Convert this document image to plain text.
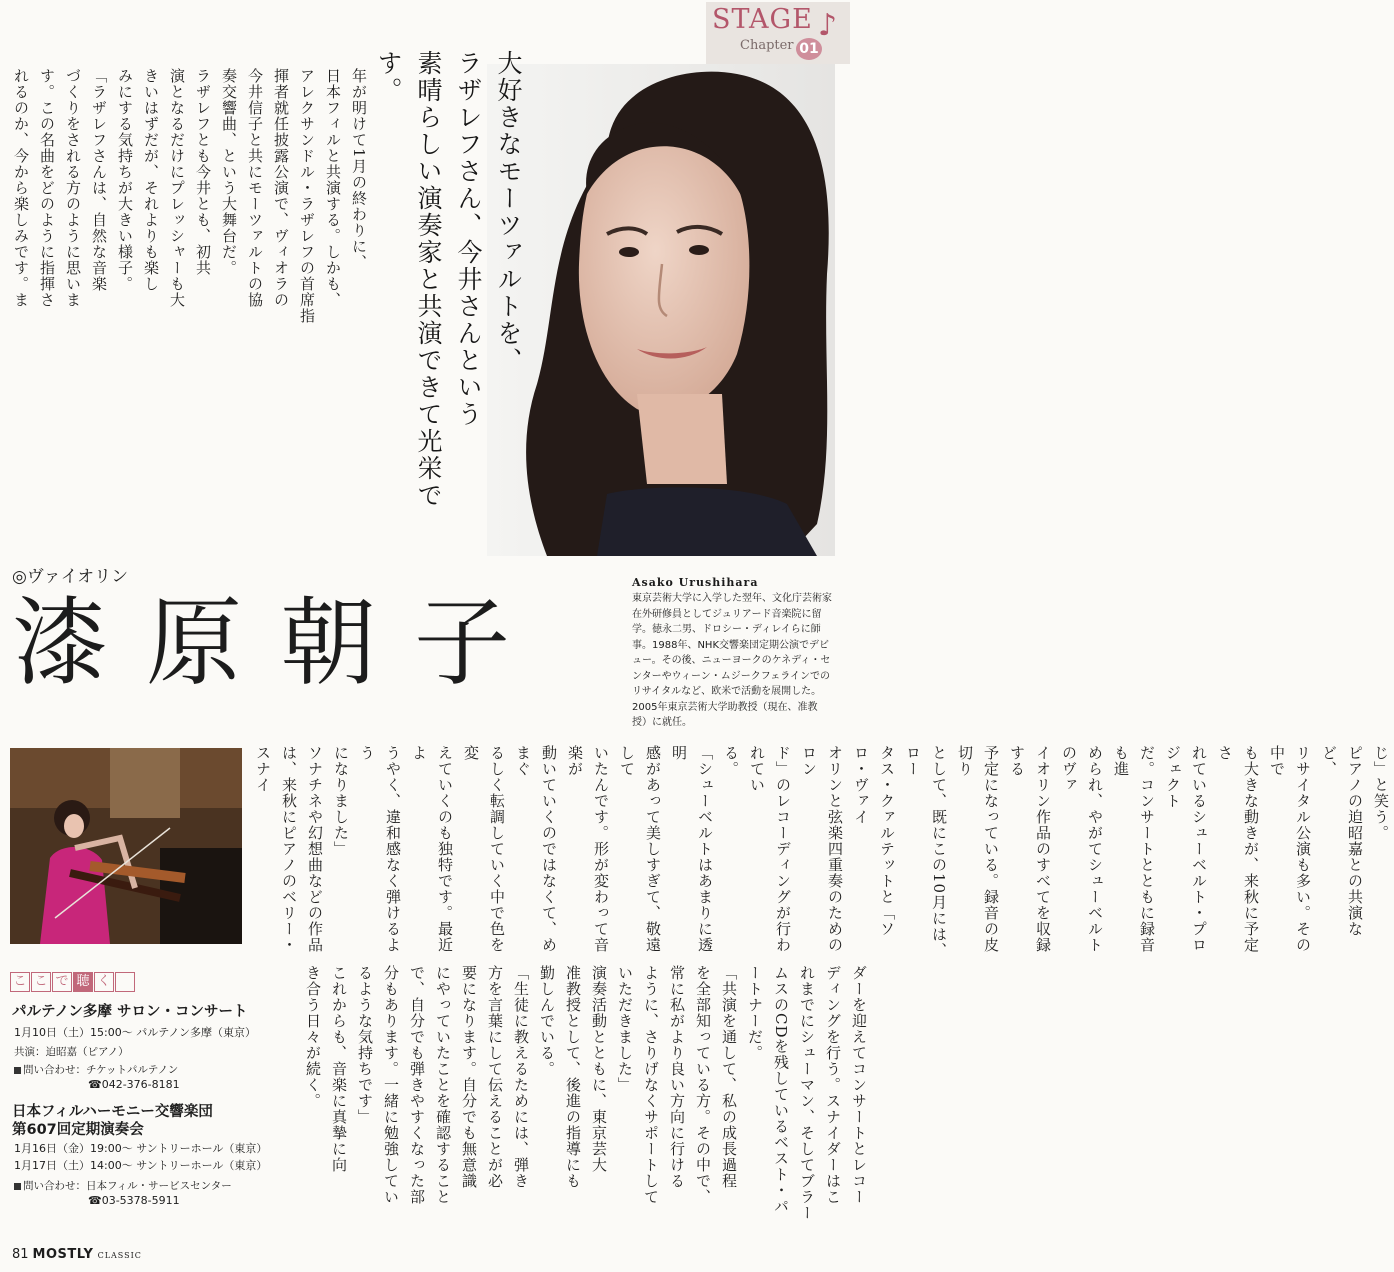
STAGE
Chapter 01
♪
大好きなモーツァルトを、
ラザレフさん、今井さんという
素晴らしい演奏家と共演できて光栄です。
年が明けて1月の終わりに、
日本フィルと共演する。しかも、
アレクサンドル・ラザレフの首席指
揮者就任披露公演で、ヴィオラの
今井信子と共にモーツァルトの協
奏交響曲、という大舞台だ。
ラザレフとも今井とも、初共
演となるだけにプレッシャーも大
きいはずだが、それよりも楽し
みにする気持ちが大きい様子。
「ラザレフさんは、自然な音楽
づくりをされる方のように思いま
す。この名曲をどのように指揮さ
れるのか、今から楽しみです。ま
◎ヴァイオリン
漆原朝子
Asako Urushihara
東京芸術大学に入学した翌年、文化庁芸術家在外研修員としてジュリアード音楽院に留学。徳永二男、ドロシー・ディレイらに師事。1988年、NHK交響楽団定期公演でデビュー。その後、ニューヨークのケネディ・センターやウィーン・ムジークフェラインでのリサイタルなど、欧米で活動を展開した。2005年東京芸術大学助教授（現在、准教授）に就任。
じ」と笑う。
ピアノの迫昭嘉との共演など、
リサイタル公演も多い。その中で
も大きな動きが、来秋に予定さ
れているシューベルト・プロジェクト
だ。コンサートとともに録音も進
められ、やがてシューベルトのヴァ
イオリン作品のすべてを収録する
予定になっている。録音の皮切り
として、既にこの10月には、ロー
タス・クァルテットと「ソロ・ヴァイ
オリンと弦楽四重奏のためのロン
ド」のレコーディングが行われてい
る。
「シューベルトはあまりに透明
感があって美しすぎて、敬遠して
いたんです。形が変わって音楽が
動いていくのではなくて、めまぐ
るしく転調していく中で色を変
えていくのも独特です。最近よ
うやく、違和感なく弾けるよう
になりました」
ソナチネや幻想曲などの作品
は、来秋にピアノのベリー・スナイ
ダーを迎えてコンサートとレコー
ディングを行う。スナイダーはこ
れまでにシューマン、そしてブラー
ムスのCDを残しているベスト・パ
ートナーだ。
「共演を通して、私の成長過程
を全部知っている方。その中で、
常に私がより良い方向に行ける
ように、さりげなくサポートして
いただきました」
演奏活動とともに、東京芸大
准教授として、後進の指導にも
勤しんでいる。
「生徒に教えるためには、弾き
方を言葉にして伝えることが必
要になります。自分でも無意識
にやっていたことを確認すること
で、自分でも弾きやすくなった部
分もあります。一緒に勉強してい
るような気持ちです」
これからも、音楽に真摯に向
き合う日々が続く。
こ こ で 聴 く
パルテノン多摩 サロン・コンサート
1月10日（土）15:00～ パルテノン多摩（東京）
共演：迫昭嘉（ピアノ）
問い合わせ：チケットパルテノン
☎042-376-8181
日本フィルハーモニー交響楽団
第607回定期演奏会
1月16日（金）19:00～ サントリーホール（東京）
1月17日（土）14:00～ サントリーホール（東京）
問い合わせ：日本フィル・サービスセンター
☎03-5378-5911
81 MOSTLY CLASSIC
